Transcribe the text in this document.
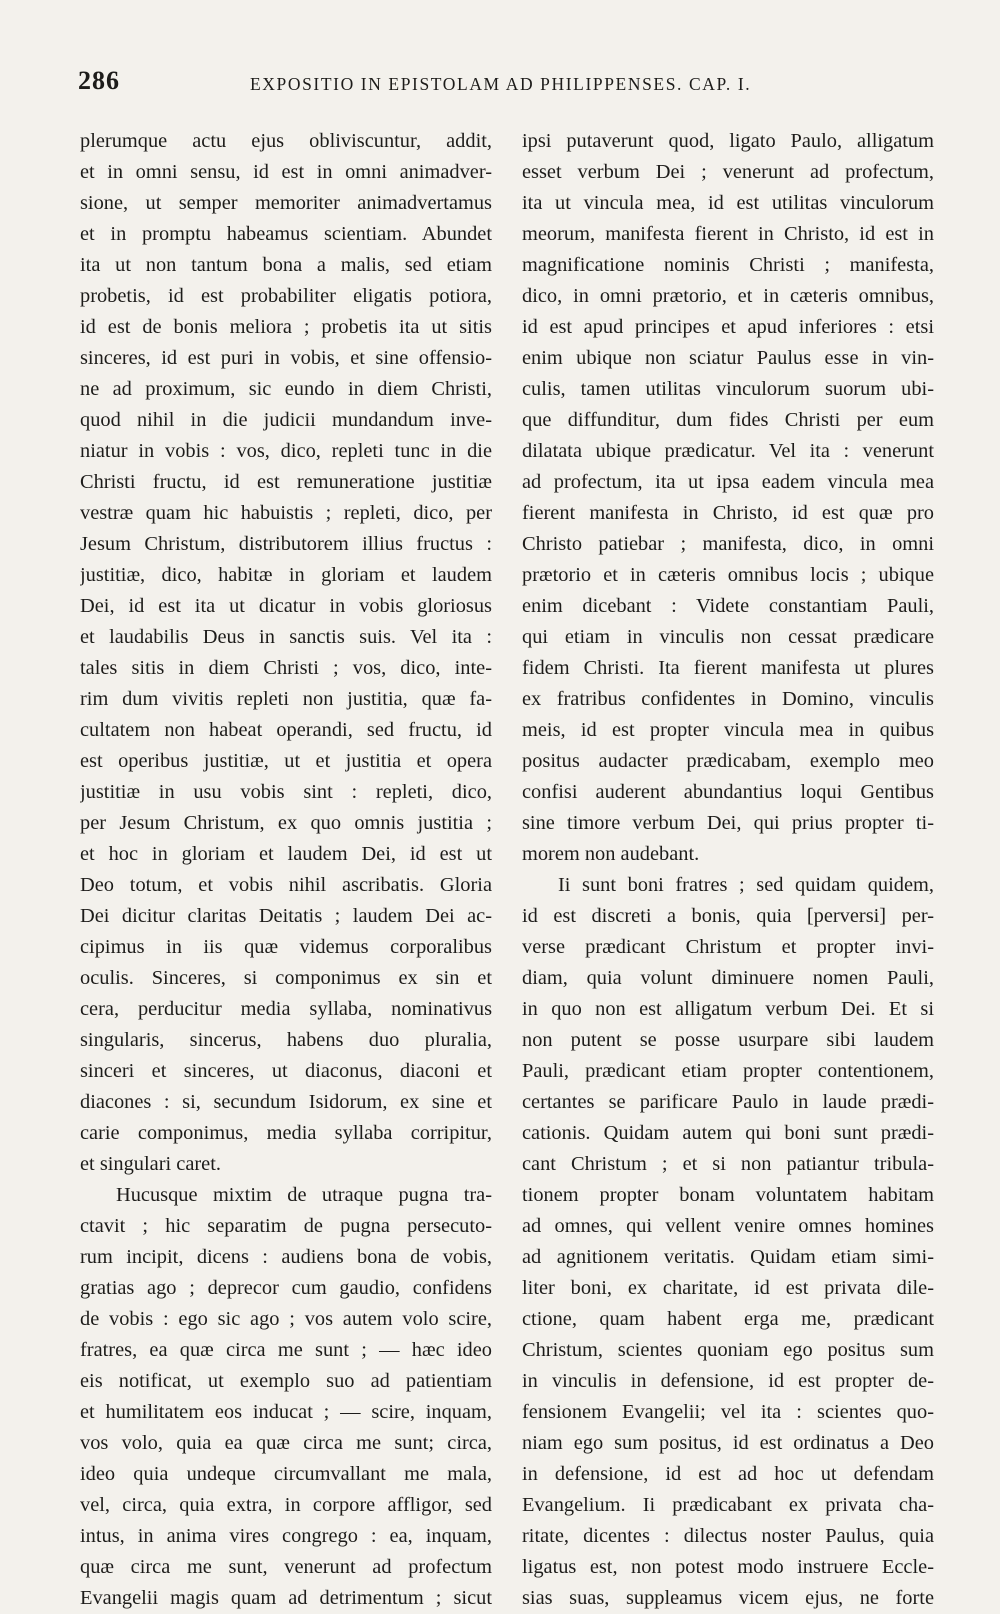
286	EXPOSITIO IN EPISTOLAM AD PHILIPPENSES. CAP. I.
plerumque actu ejus obliviscuntur, addit,
et in omni sensu, id est in omni animadver-
sione, ut semper memoriter animadvertamus
et in promptu habeamus scientiam. Abundet
ita ut non tantum bona a malis, sed etiam
probetis, id est probabiliter eligatis potiora,
id est de bonis meliora ; probetis ita ut sitis
sinceres, id est puri in vobis, et sine offensio-
ne ad proximum, sic eundo in diem Christi,
quod nihil in die judicii mundandum inve-
niatur in vobis : vos, dico, repleti tunc in die
Christi fructu, id est remuneratione justitiæ
vestræ quam hic habuistis ; repleti, dico, per
Jesum Christum, distributorem illius fructus :
justitiæ, dico, habitæ in gloriam et laudem
Dei, id est ita ut dicatur in vobis gloriosus
et laudabilis Deus in sanctis suis. Vel ita :
tales sitis in diem Christi ; vos, dico, inte-
rim dum vivitis repleti non justitia, quæ fa-
cultatem non habeat operandi, sed fructu, id
est operibus justitiæ, ut et justitia et opera
justitiæ in usu vobis sint : repleti, dico,
per Jesum Christum, ex quo omnis justitia ;
et hoc in gloriam et laudem Dei, id est ut
Deo totum, et vobis nihil ascribatis. Gloria
Dei dicitur claritas Deitatis ; laudem Dei ac-
cipimus in iis quæ videmus corporalibus
oculis. Sinceres, si componimus ex sin et
cera, perducitur media syllaba, nominativus
singularis, sincerus, habens duo pluralia,
sinceri et sinceres, ut diaconus, diaconi et
diacones : si, secundum Isidorum, ex sine et
carie componimus, media syllaba corripitur,
et singulari caret.
Hucusque mixtim de utraque pugna tra-
ctavit ; hic separatim de pugna persecuto-
rum incipit, dicens : audiens bona de vobis,
gratias ago ; deprecor cum gaudio, confidens
de vobis : ego sic ago ; vos autem volo scire,
fratres, ea quæ circa me sunt ; — hæc ideo
eis notificat, ut exemplo suo ad patientiam
et humilitatem eos inducat ; — scire, inquam,
vos volo, quia ea quæ circa me sunt; circa,
ideo quia undeque circumvallant me mala,
vel, circa, quia extra, in corpore affligor, sed
intus, in anima vires congrego : ea, inquam,
quæ circa me sunt, venerunt ad profectum
Evangelii magis quam ad detrimentum ; sicut
ipsi putaverunt quod, ligato Paulo, alligatum
esset verbum Dei ; venerunt ad profectum,
ita ut vincula mea, id est utilitas vinculorum
meorum, manifesta fierent in Christo, id est in
magnificatione nominis Christi ; manifesta,
dico, in omni prætorio, et in cæteris omnibus,
id est apud principes et apud inferiores : etsi
enim ubique non sciatur Paulus esse in vin-
culis, tamen utilitas vinculorum suorum ubi-
que diffunditur, dum fides Christi per eum
dilatata ubique prædicatur. Vel ita : venerunt
ad profectum, ita ut ipsa eadem vincula mea
fierent manifesta in Christo, id est quæ pro
Christo patiebar ; manifesta, dico, in omni
prætorio et in cæteris omnibus locis ; ubique
enim dicebant : Videte constantiam Pauli,
qui etiam in vinculis non cessat prædicare
fidem Christi. Ita fierent manifesta ut plures
ex fratribus confidentes in Domino, vinculis
meis, id est propter vincula mea in quibus
positus audacter prædicabam, exemplo meo
confisi auderent abundantius loqui Gentibus
sine timore verbum Dei, qui prius propter ti-
morem non audebant.
Ii sunt boni fratres ; sed quidam quidem,
id est discreti a bonis, quia [perversi] per-
verse prædicant Christum et propter invi-
diam, quia volunt diminuere nomen Pauli,
in quo non est alligatum verbum Dei. Et si
non putent se posse usurpare sibi laudem
Pauli, prædicant etiam propter contentionem,
certantes se parificare Paulo in laude prædi-
cationis. Quidam autem qui boni sunt prædi-
cant Christum ; et si non patiantur tribula-
tionem propter bonam voluntatem habitam
ad omnes, qui vellent venire omnes homines
ad agnitionem veritatis. Quidam etiam simi-
liter boni, ex charitate, id est privata dile-
ctione, quam habent erga me, prædicant
Christum, scientes quoniam ego positus sum
in vinculis in defensione, id est propter de-
fensionem Evangelii; vel ita : scientes quo-
niam ego sum positus, id est ordinatus a Deo
in defensione, id est ad hoc ut defendam
Evangelium. Ii prædicabant ex privata cha-
ritate, dicentes : dilectus noster Paulus, quia
ligatus est, non potest modo instruere Eccle-
sias suas, suppleamus vicem ejus, ne forte
